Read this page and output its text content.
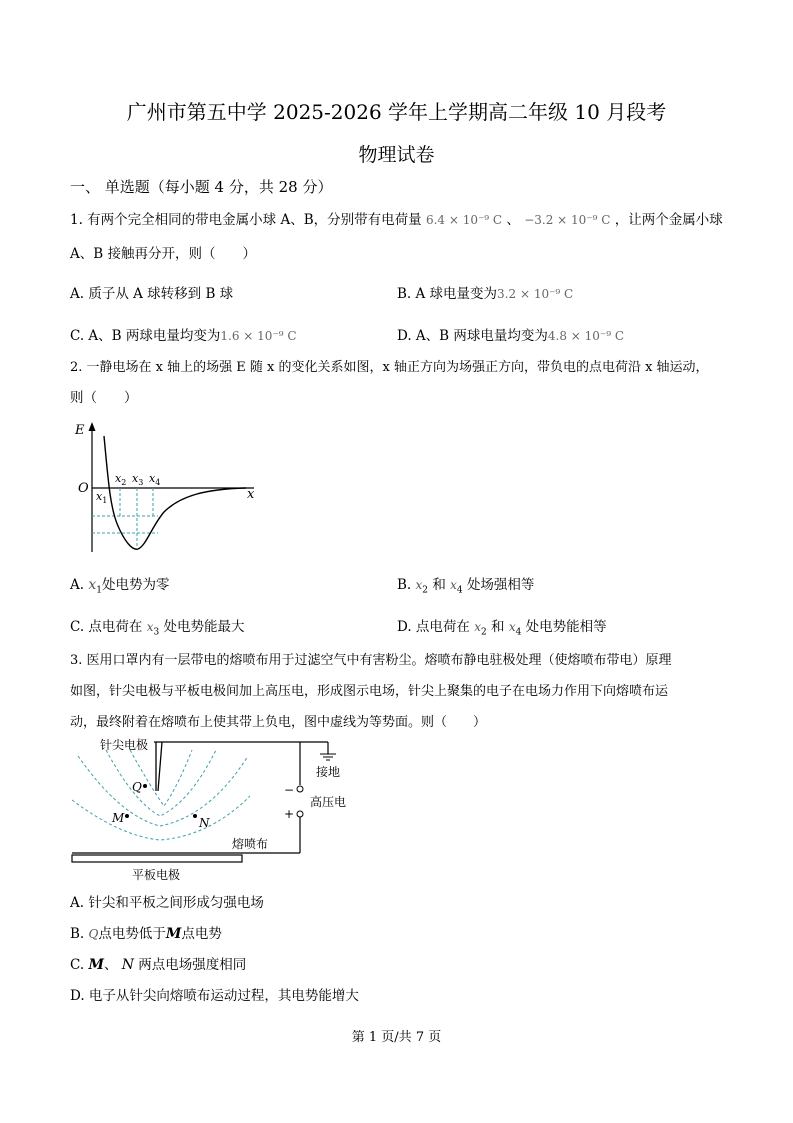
广州市第五中学 2025-2026 学年上学期高二年级 10 月段考
物理试卷
一、 单选题（每小题 4 分，共 28 分）
1. 有两个完全相同的带电金属小球 A、B，分别带有电荷量 6.4 × 10⁻⁹ C 、 −3.2 × 10⁻⁹ C ，让两个金属小球
A、B 接触再分开，则（　　）
A. 质子从 A 球转移到 B 球	B. A 球电量变为3.2 × 10⁻⁹ C
C. A、B 两球电量均变为1.6 × 10⁻⁹ C	D. A、B 两球电量均变为4.8 × 10⁻⁹ C
2. 一静电场在 x 轴上的场强 E 随 x 的变化关系如图，x 轴正方向为场强正方向，带负电的点电荷沿 x 轴运动，
则（　　）
E
O	x
$x_1$
$x_2$ $x_3$ $x_4$
A. $x_1$处电势为零	B. $x_2$ 和 $x_4$ 处场强相等
C. 点电荷在 $x_3$ 处电势能最大	D. 点电荷在 $x_2$ 和 $x_4$ 处电势能相等
3. 医用口罩内有一层带电的熔喷布用于过滤空气中有害粉尘。熔喷布静电驻极处理（使熔喷布带电）原理
如图，针尖电极与平板电极间加上高压电，形成图示电场，针尖上聚集的电子在电场力作用下向熔喷布运
动，最终附着在熔喷布上使其带上负电，图中虚线为等势面。则（　　）
针尖电极
接地
−
高压电
+
熔喷布
平板电极
Q
M	N
A. 针尖和平板之间形成匀强电场
B. Q点电势低于M点电势
C. M、 N 两点电场强度相同
D. 电子从针尖向熔喷布运动过程，其电势能增大
第 1 页/共 7 页
